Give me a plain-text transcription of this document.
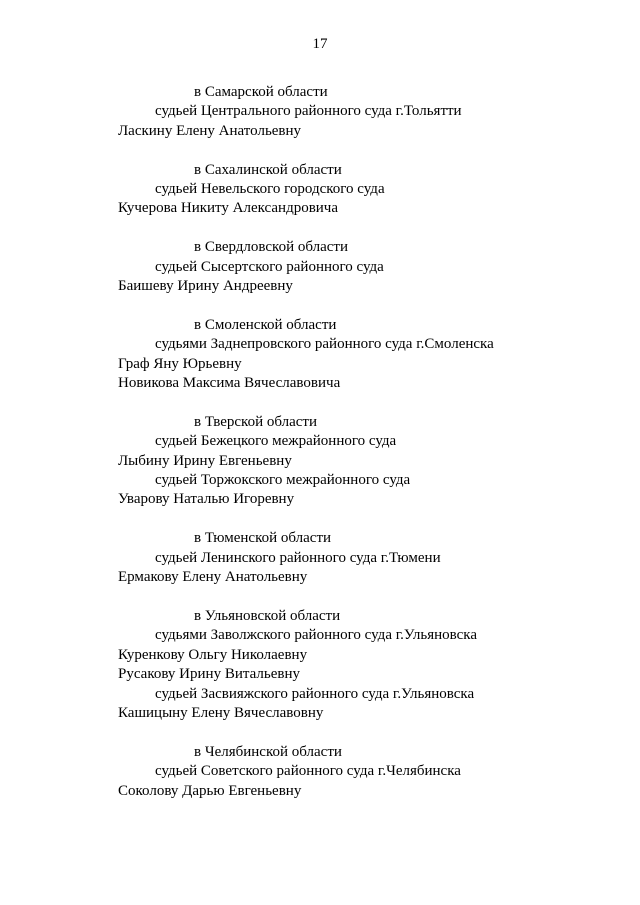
17
в Самарской области
судьей Центрального районного суда г.Тольятти
Ласкину Елену Анатольевну
в Сахалинской области
судьей Невельского городского суда
Кучерова Никиту Александровича
в Свердловской области
судьей Сысертского районного суда
Баишеву Ирину Андреевну
в Смоленской области
судьями Заднепровского районного суда г.Смоленска
Граф Яну Юрьевну
Новикова Максима Вячеславовича
в Тверской области
судьей Бежецкого межрайонного суда
Лыбину Ирину Евгеньевну
судьей Торжокского межрайонного суда
Уварову Наталью Игоревну
в Тюменской области
судьей Ленинского районного суда г.Тюмени
Ермакову Елену Анатольевну
в Ульяновской области
судьями Заволжского районного суда г.Ульяновска
Куренкову Ольгу Николаевну
Русакову Ирину Витальевну
судьей Засвияжского районного суда г.Ульяновска
Кашицыну Елену Вячеславовну
в Челябинской области
судьей Советского районного суда г.Челябинска
Соколову Дарью Евгеньевну
